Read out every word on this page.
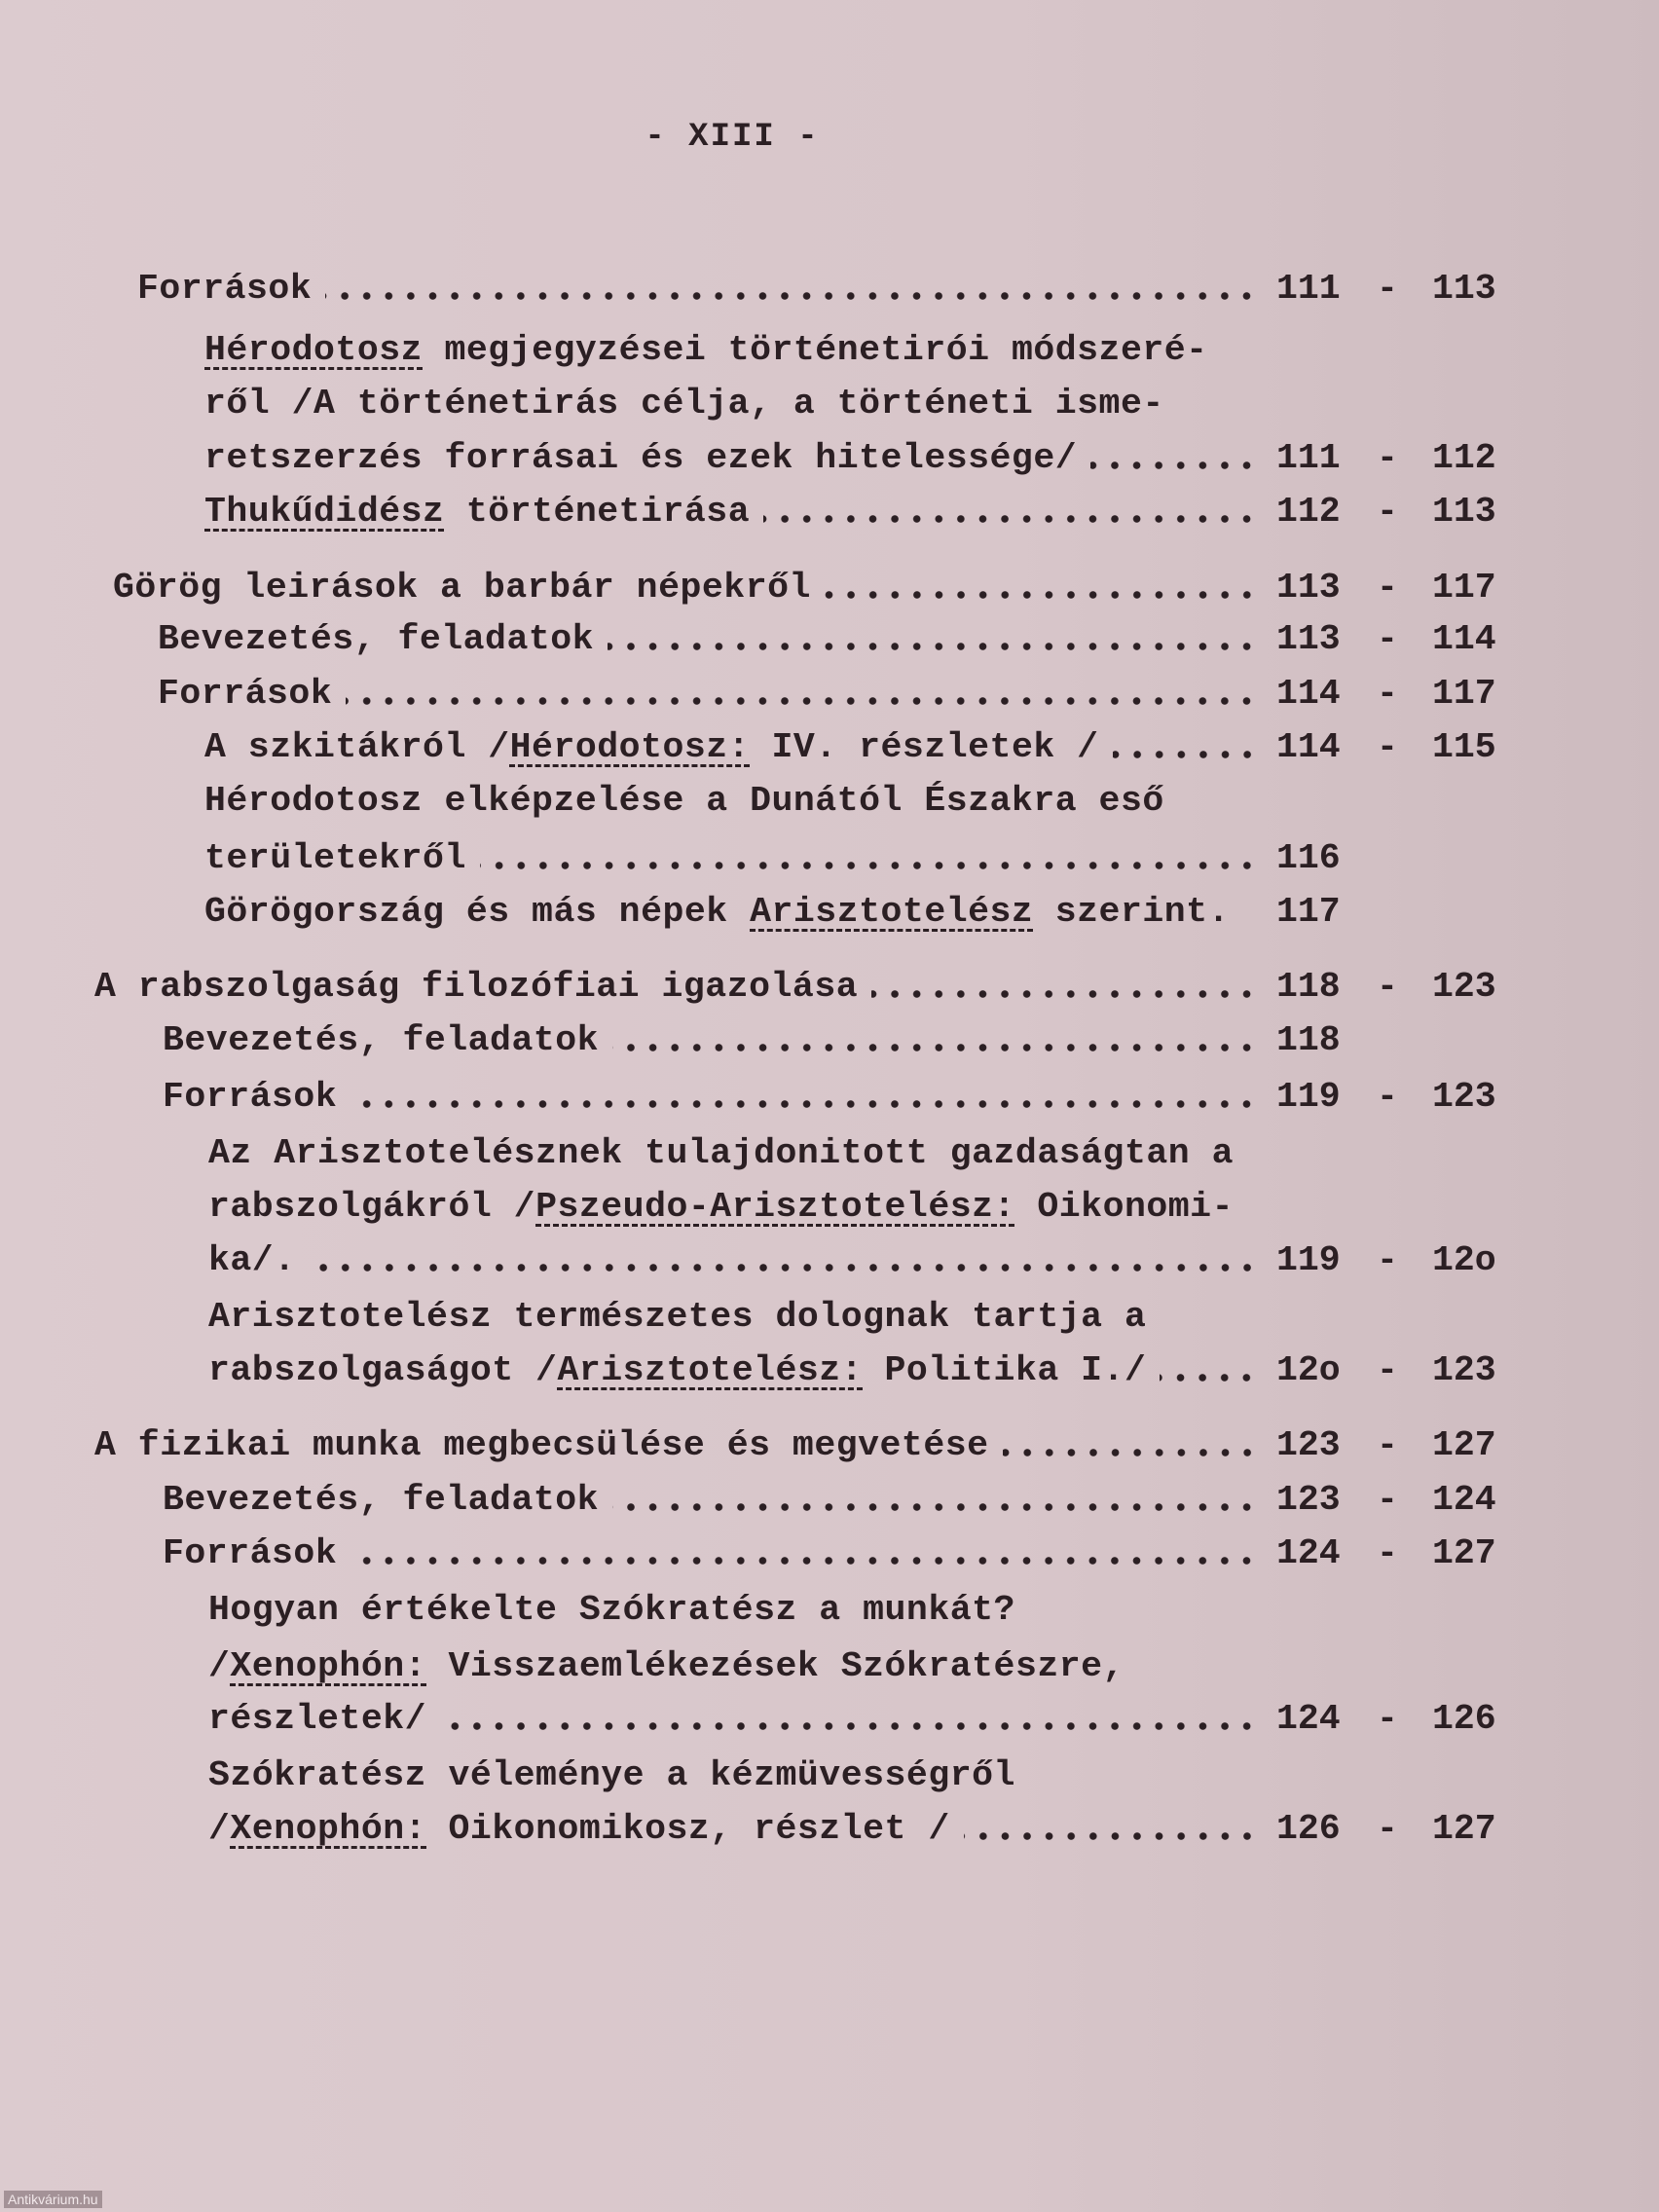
- XIII -
Források	111 - 113
Hérodotosz megjegyzései történetirói módszeré-
ről /A történetirás célja, a történeti isme-
retszerzés forrásai és ezek hitelessége/	111 - 112
Thukűdidész történetirása	112 - 113
Görög leirások a barbár népekről	113 - 117
Bevezetés, feladatok	113 - 114
Források	114 - 117
A szkitákról /Hérodotosz: IV. részletek /	114 - 115
Hérodotosz elképzelése a Dunától Északra eső
területekről	116
Görögország és más népek Arisztotelész szerint. 117
A rabszolgaság filozófiai igazolása	118 - 123
Bevezetés, feladatok	118
Források	119 - 123
Az Arisztotelésznek tulajdonitott gazdaságtan a
rabszolgákról /Pszeudo-Arisztotelész: Oikonomi-
ka/.	119 - 12o
Arisztotelész természetes dolognak tartja a
rabszolgaságot /Arisztotelész: Politika I./	12o - 123
A fizikai munka megbecsülése és megvetése	123 - 127
Bevezetés, feladatok	123 - 124
Források	124 - 127
Hogyan értékelte Szókratész a munkát?
/Xenophón: Visszaemlékezések Szókratészre,
részletek/	124 - 126
Szókratész véleménye a kézmüvességről
/Xenophón: Oikonomikosz, részlet /	126 - 127
Antikvárium.hu
